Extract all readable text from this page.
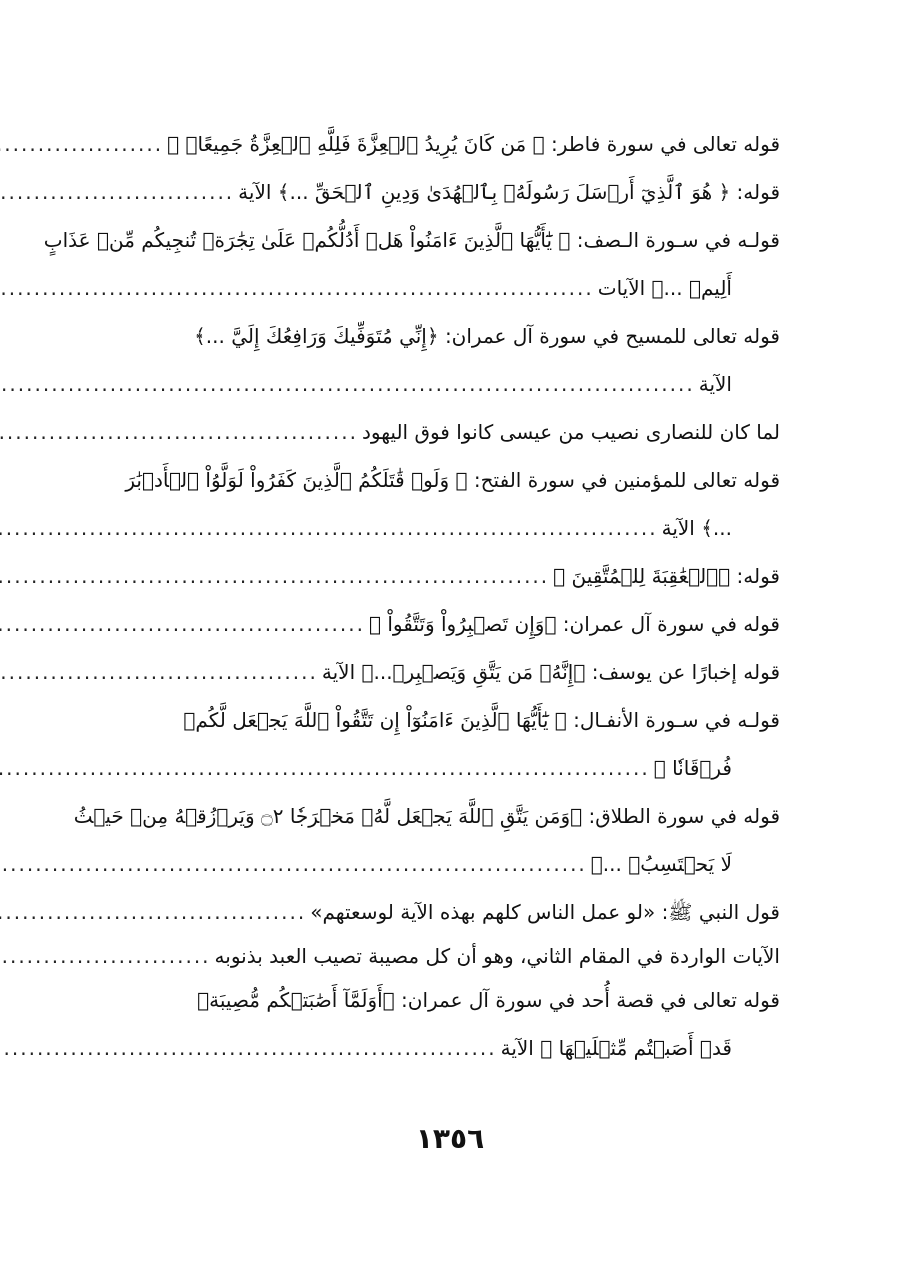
قوله تعالى في سورة فاطر: ﴿ مَن كَانَ يُرِيدُ ٱلۡعِزَّةَ فَلِلَّهِ ٱلۡعِزَّةُ جَمِيعًاۚ ﴾
.....
قوله: ﴿ هُوَ ٱلَّذِيٓ أَرۡسَلَ رَسُولَهُۥ بِٱلۡهُدَىٰ وَدِينِ ٱلۡحَقِّ ...﴾ الآية
.....
قولـه في سـورة الـصف: ﴿ يَٰٓأَيُّهَا ٱلَّذِينَ ءَامَنُواْ هَلۡ أَدُلُّكُمۡ عَلَىٰ تِجَٰرَةٖ تُنجِيكُم مِّنۡ عَذَابٍ
أَلِيمٖ ...﴾ الآيات
.....
قوله تعالى للمسيح في سورة آل عمران: ﴿إِنِّي مُتَوَفِّيكَ وَرَافِعُكَ إِلَيَّ ...﴾
الآية
.....
لما كان للنصارى نصيب من عيسى كانوا فوق اليهود
.....
قوله تعالى للمؤمنين في سورة الفتح: ﴿ وَلَوۡ قَٰتَلَكُمُ ٱلَّذِينَ كَفَرُواْ لَوَلَّوُاْ ٱلۡأَدۡبَٰرَ
...﴾ الآية
.....
قوله: ﴿ٱلۡعَٰقِبَةَ لِلۡمُتَّقِينَ ﴾
.....
قوله في سورة آل عمران: ﴿وَإِن تَصۡبِرُواْ وَتَتَّقُواْ ﴾
.....
قوله إخبارًا عن يوسف: ﴿إِنَّهُۥ مَن يَتَّقِ وَيَصۡبِرۡ...﴾ الآية
.....
قولـه في سـورة الأنفـال: ﴿ يَٰٓأَيُّهَا ٱلَّذِينَ ءَامَنُوٓاْ إِن تَتَّقُواْ ٱللَّهَ يَجۡعَل لَّكُمۡ
فُرۡقَانٗا ﴾
.....
قوله في سورة الطلاق: ﴿وَمَن يَتَّقِ ٱللَّهَ يَجۡعَل لَّهُۥ مَخۡرَجٗا ۝٢ وَيَرۡزُقۡهُ مِنۡ حَيۡثُ
لَا يَحۡتَسِبُۚ ...﴾
.....
قول النبي ﷺ: «لو عمل الناس كلهم بهذه الآية لوسعتهم»
.....
الآيات الواردة في المقام الثاني، وهو أن كل مصيبة تصيب العبد بذنوبه
.....
قوله تعالى في قصة أُحد في سورة آل عمران: ﴿أَوَلَمَّآ أَصَٰبَتۡكُم مُّصِيبَةٞ
قَدۡ أَصَبۡتُم مِّثۡلَيۡهَا ﴾ الآية
.....
١٣٥٦
